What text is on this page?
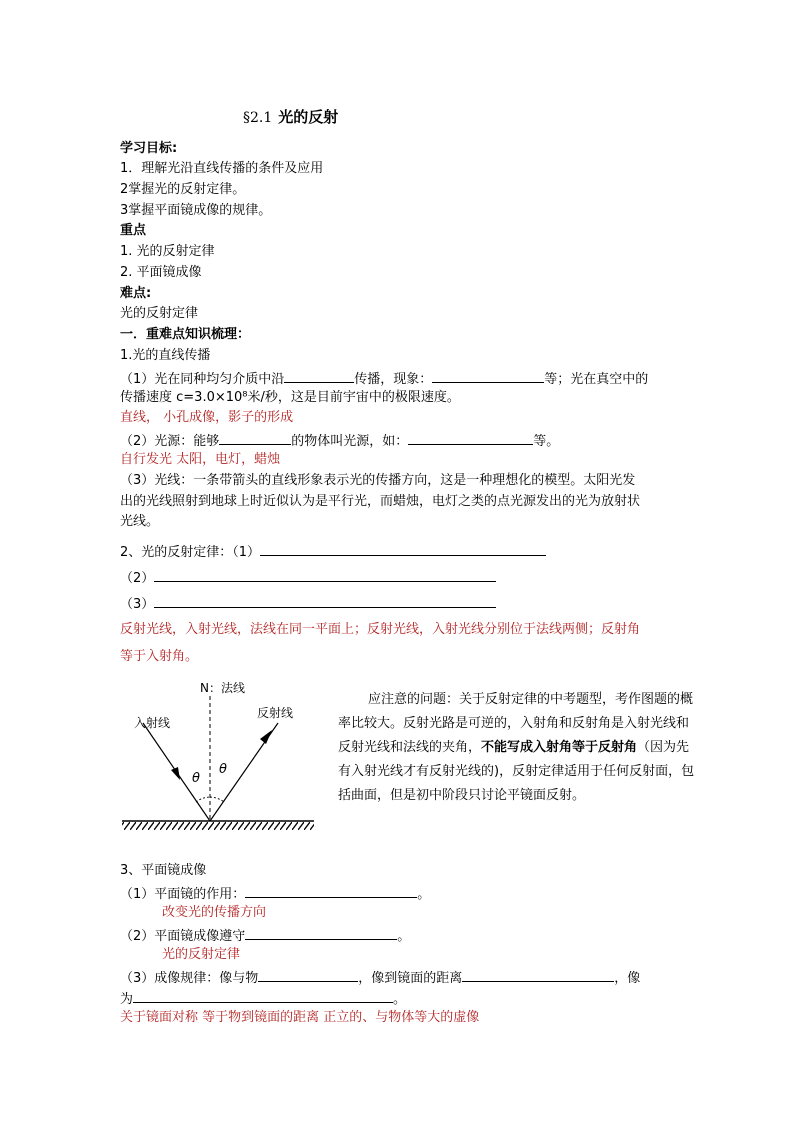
§2.1 光的反射
学习目标:
1．理解光沿直线传播的条件及应用
2掌握光的反射定律。
3掌握平面镜成像的规律。
重点
1. 光的反射定律
2. 平面镜成像
难点:
光的反射定律
一．重难点知识梳理：
1.光的直线传播
（1）光在同种均匀介质中沿	传播，现象：	等；光在真空中的
传播速度 c=3.0×10⁸米/秒，这是目前宇宙中的极限速度。
直线， 小孔成像，影子的形成
（2）光源：能够	的物体叫光源，如：	等。
自行发光 太阳，电灯，蜡烛
（3）光线：一条带箭头的直线形象表示光的传播方向，这是一种理想化的模型。太阳光发
出的光线照射到地球上时近似认为是平行光，而蜡烛，电灯之类的点光源发出的光为放射状
光线。
2、光的反射定律：（1）
（2）
（3）
反射光线，入射光线，法线在同一平面上；反射光线，入射光线分别位于法线两侧；反射角
等于入射角。
N：法线
入射线
反射线
θ
θ
应注意的问题：关于反射定律的中考题型，考作图题的概
率比较大。反射光路是可逆的，入射角和反射角是入射光线和
反射光线和法线的夹角，不能写成入射角等于反射角（因为先
有入射光线才有反射光线的)，反射定律适用于任何反射面，包
括曲面，但是初中阶段只讨论平镜面反射。
3、平面镜成像
（1）平面镜的作用：	。
改变光的传播方向
（2）平面镜成像遵守	。
光的反射定律
（3）成像规律：像与物	，像到镜面的距离	，像
为	。
关于镜面对称 等于物到镜面的距离 正立的、与物体等大的虚像
